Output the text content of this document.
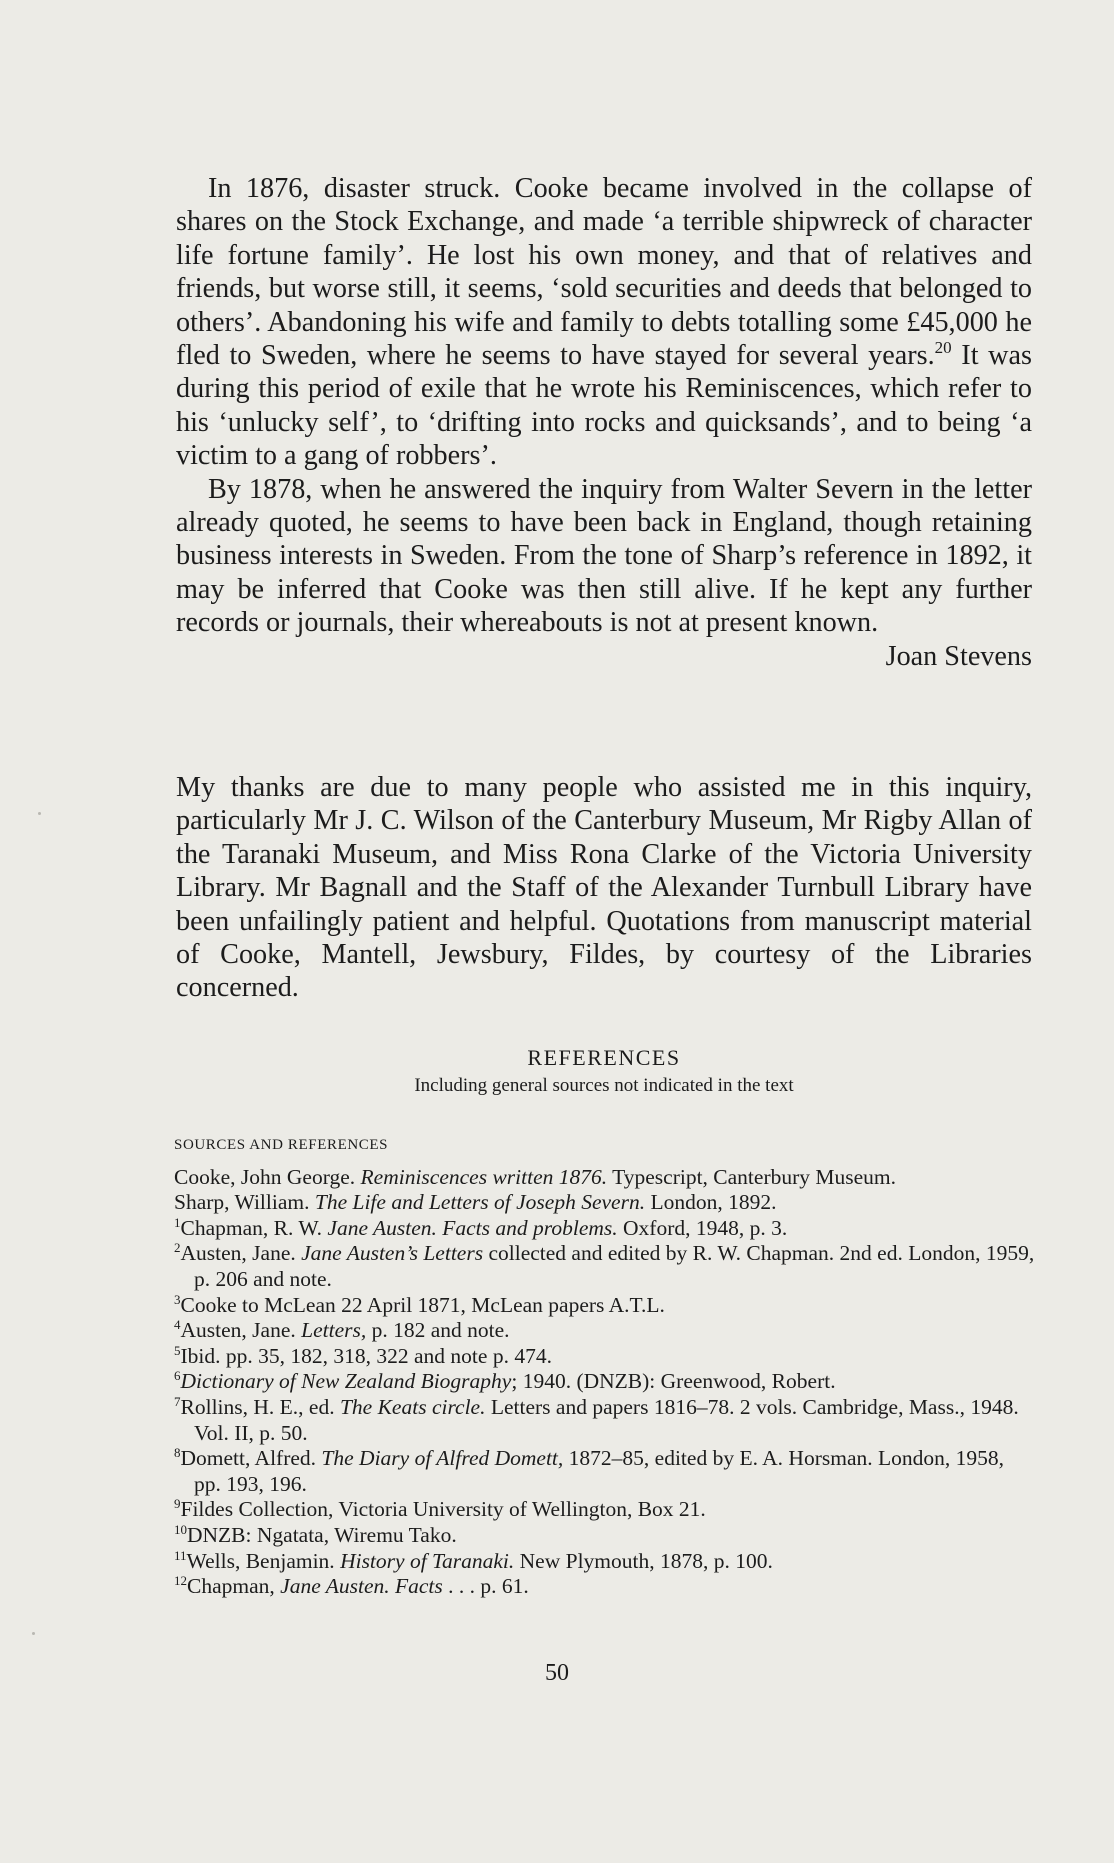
In 1876, disaster struck. Cooke became involved in the collapse of shares on the Stock Exchange, and made ‘a terrible shipwreck of character life fortune family’. He lost his own money, and that of relatives and friends, but worse still, it seems, ‘sold securities and deeds that belonged to others’. Abandoning his wife and family to debts totalling some £45,000 he fled to Sweden, where he seems to have stayed for several years.$^{20}$ It was during this period of exile that he wrote his Reminiscences, which refer to his ‘unlucky self’, to ‘drifting into rocks and quicksands’, and to being ‘a victim to a gang of robbers’.

By 1878, when he answered the inquiry from Walter Severn in the letter already quoted, he seems to have been back in England, though retaining business interests in Sweden. From the tone of Sharp’s reference in 1892, it may be inferred that Cooke was then still alive. If he kept any further records or journals, their whereabouts is not at present known.

Joan Stevens

My thanks are due to many people who assisted me in this inquiry, particularly Mr J. C. Wilson of the Canterbury Museum, Mr Rigby Allan of the Taranaki Museum, and Miss Rona Clarke of the Victoria University Library. Mr Bagnall and the Staff of the Alexander Turnbull Library have been unfailingly patient and helpful. Quotations from manuscript material of Cooke, Mantell, Jewsbury, Fildes, by courtesy of the Libraries concerned.

REFERENCES
Including general sources not indicated in the text

SOURCES AND REFERENCES

Cooke, John George. Reminiscences written 1876. Typescript, Canterbury Museum.

Sharp, William. The Life and Letters of Joseph Severn. London, 1892.

$^1$Chapman, R. W. Jane Austen. Facts and problems. Oxford, 1948, p. 3.

$^2$Austen, Jane. Jane Austen’s Letters collected and edited by R. W. Chapman. 2nd ed. London, 1959, p. 206 and note.

$^3$Cooke to McLean 22 April 1871, McLean papers A.T.L.

$^4$Austen, Jane. Letters, p. 182 and note.

$^5$Ibid. pp. 35, 182, 318, 322 and note p. 474.

$^6$Dictionary of New Zealand Biography; 1940. (DNZB): Greenwood, Robert.

$^7$Rollins, H. E., ed. The Keats circle. Letters and papers 1816–78. 2 vols. Cambridge, Mass., 1948. Vol. II, p. 50.

$^8$Domett, Alfred. The Diary of Alfred Domett, 1872–85, edited by E. A. Horsman. London, 1958, pp. 193, 196.

$^9$Fildes Collection, Victoria University of Wellington, Box 21.

$^{10}$DNZB: Ngatata, Wiremu Tako.

$^{11}$Wells, Benjamin. History of Taranaki. New Plymouth, 1878, p. 100.

$^{12}$Chapman, Jane Austen. Facts . . . p. 61.

50
